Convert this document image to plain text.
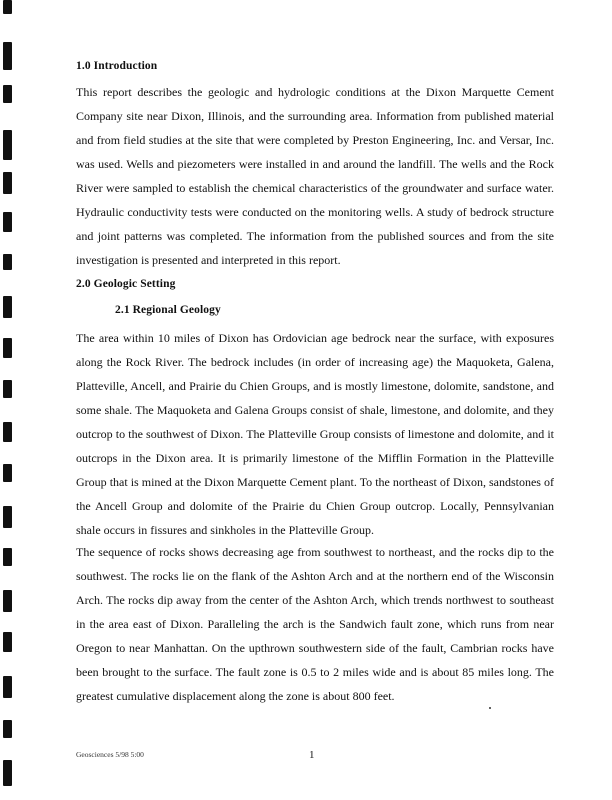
1.0 Introduction

This report describes the geologic and hydrologic conditions at the Dixon Marquette Cement Company site near Dixon, Illinois, and the surrounding area. Information from published material and from field studies at the site that were completed by Preston Engineering, Inc. and Versar, Inc. was used. Wells and piezometers were installed in and around the landfill. The wells and the Rock River were sampled to establish the chemical characteristics of the groundwater and surface water. Hydraulic conductivity tests were conducted on the monitoring wells. A study of bedrock structure and joint patterns was completed. The information from the published sources and from the site investigation is presented and interpreted in this report.

2.0 Geologic Setting

2.1 Regional Geology

The area within 10 miles of Dixon has Ordovician age bedrock near the surface, with exposures along the Rock River. The bedrock includes (in order of increasing age) the Maquoketa, Galena, Platteville, Ancell, and Prairie du Chien Groups, and is mostly limestone, dolomite, sandstone, and some shale. The Maquoketa and Galena Groups consist of shale, limestone, and dolomite, and they outcrop to the southwest of Dixon. The Platteville Group consists of limestone and dolomite, and it outcrops in the Dixon area. It is primarily limestone of the Mifflin Formation in the Platteville Group that is mined at the Dixon Marquette Cement plant. To the northeast of Dixon, sandstones of the Ancell Group and dolomite of the Prairie du Chien Group outcrop. Locally, Pennsylvanian shale occurs in fissures and sinkholes in the Platteville Group.

The sequence of rocks shows decreasing age from southwest to northeast, and the rocks dip to the southwest. The rocks lie on the flank of the Ashton Arch and at the northern end of the Wisconsin Arch. The rocks dip away from the center of the Ashton Arch, which trends northwest to southeast in the area east of Dixon. Paralleling the arch is the Sandwich fault zone, which runs from near Oregon to near Manhattan. On the upthrown southwestern side of the fault, Cambrian rocks have been brought to the surface. The fault zone is 0.5 to 2 miles wide and is about 85 miles long. The greatest cumulative displacement along the zone is about 800 feet.

Geosciences 5/98 5:00	1
